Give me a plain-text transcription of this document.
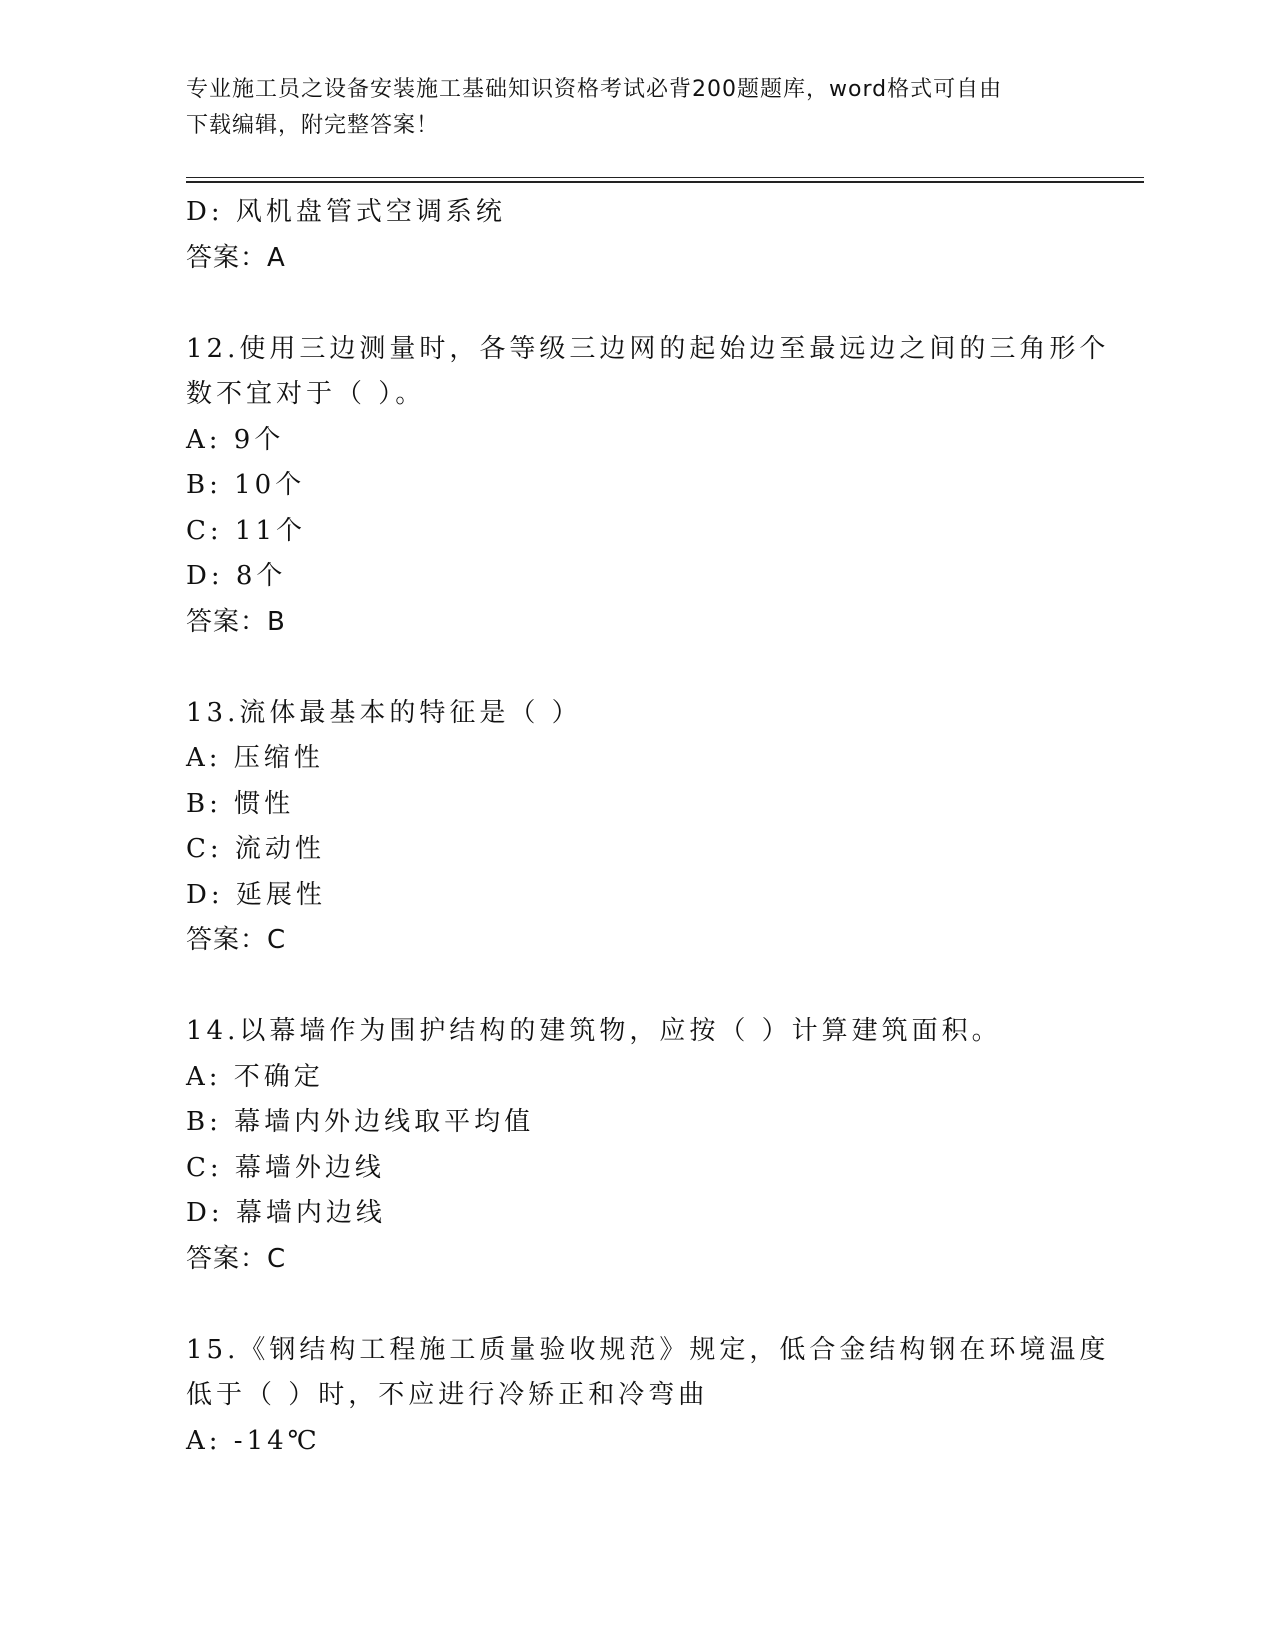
专业施工员之设备安装施工基础知识资格考试必背200题题库，word格式可自由
下载编辑，附完整答案！
D: 风机盘管式空调系统
答案：A
12.使用三边测量时，各等级三边网的起始边至最远边之间的三角形个
数不宜对于（ ）。
A: 9个
B: 10个
C: 11个
D: 8个
答案：B
13.流体最基本的特征是（ ）
A: 压缩性
B: 惯性
C: 流动性
D: 延展性
答案：C
14.以幕墙作为围护结构的建筑物，应按（ ）计算建筑面积。
A: 不确定
B: 幕墙内外边线取平均值
C: 幕墙外边线
D: 幕墙内边线
答案：C
15.《钢结构工程施工质量验收规范》规定，低合金结构钢在环境温度
低于（ ）时，不应进行冷矫正和冷弯曲
A: -14℃
